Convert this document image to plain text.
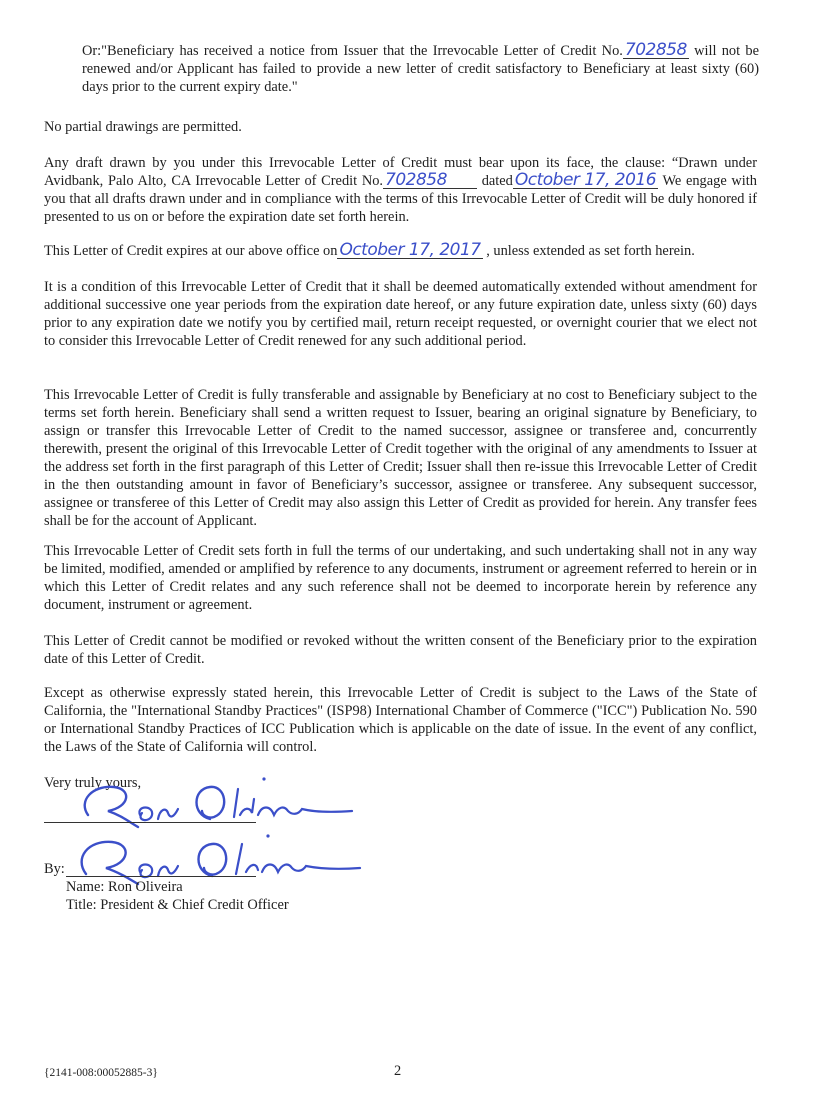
Or:"Beneficiary has received a notice from Issuer that the Irrevocable Letter of Credit No. 702858 will not be renewed and/or Applicant has failed to provide a new letter of credit satisfactory to Beneficiary at least sixty (60) days prior to the current expiry date."

No partial drawings are permitted.

Any draft drawn by you under this Irrevocable Letter of Credit must bear upon its face, the clause: “Drawn under Avidbank, Palo Alto, CA Irrevocable Letter of Credit No. 702858 dated October 17, 2016 We engage with you that all drafts drawn under and in compliance with the terms of this Irrevocable Letter of Credit will be duly honored if presented to us on or before the expiration date set forth herein.

This Letter of Credit expires at our above office on October 17, 2017 , unless extended as set forth herein.

It is a condition of this Irrevocable Letter of Credit that it shall be deemed automatically extended without amendment for additional successive one year periods from the expiration date hereof, or any future expiration date, unless sixty (60) days prior to any expiration date we notify you by certified mail, return receipt requested, or overnight courier that we elect not to consider this Irrevocable Letter of Credit renewed for any such additional period.

This Irrevocable Letter of Credit is fully transferable and assignable by Beneficiary at no cost to Beneficiary subject to the terms set forth herein. Beneficiary shall send a written request to Issuer, bearing an original signature by Beneficiary, to assign or transfer this Irrevocable Letter of Credit to the named successor, assignee or transferee and, concurrently therewith, present the original of this Irrevocable Letter of Credit together with the original of any amendments to Issuer at the address set forth in the first paragraph of this Letter of Credit; Issuer shall then re-issue this Irrevocable Letter of Credit in the then outstanding amount in favor of Beneficiary’s successor, assignee or transferee. Any subsequent successor, assignee or transferee of this Letter of Credit may also assign this Letter of Credit as provided for herein. Any transfer fees shall be for the account of Applicant.

This Irrevocable Letter of Credit sets forth in full the terms of our undertaking, and such undertaking shall not in any way be limited, modified, amended or amplified by reference to any documents, instrument or agreement referred to herein or in which this Letter of Credit relates and any such reference shall not be deemed to incorporate herein by reference any document, instrument or agreement.

This Letter of Credit cannot be modified or revoked without the written consent of the Beneficiary prior to the expiration date of this Letter of Credit.

Except as otherwise expressly stated herein, this Irrevocable Letter of Credit is subject to the Laws of the State of California, the "International Standby Practices" (ISP98) International Chamber of Commerce ("ICC") Publication No. 590 or International Standby Practices of ICC Publication which is applicable on the date of issue. In the event of any conflict, the Laws of the State of California will control.

Very truly yours,

By:

Name: Ron Oliveira

Title: President & Chief Credit Officer

{2141-008:00052885-3}	2
